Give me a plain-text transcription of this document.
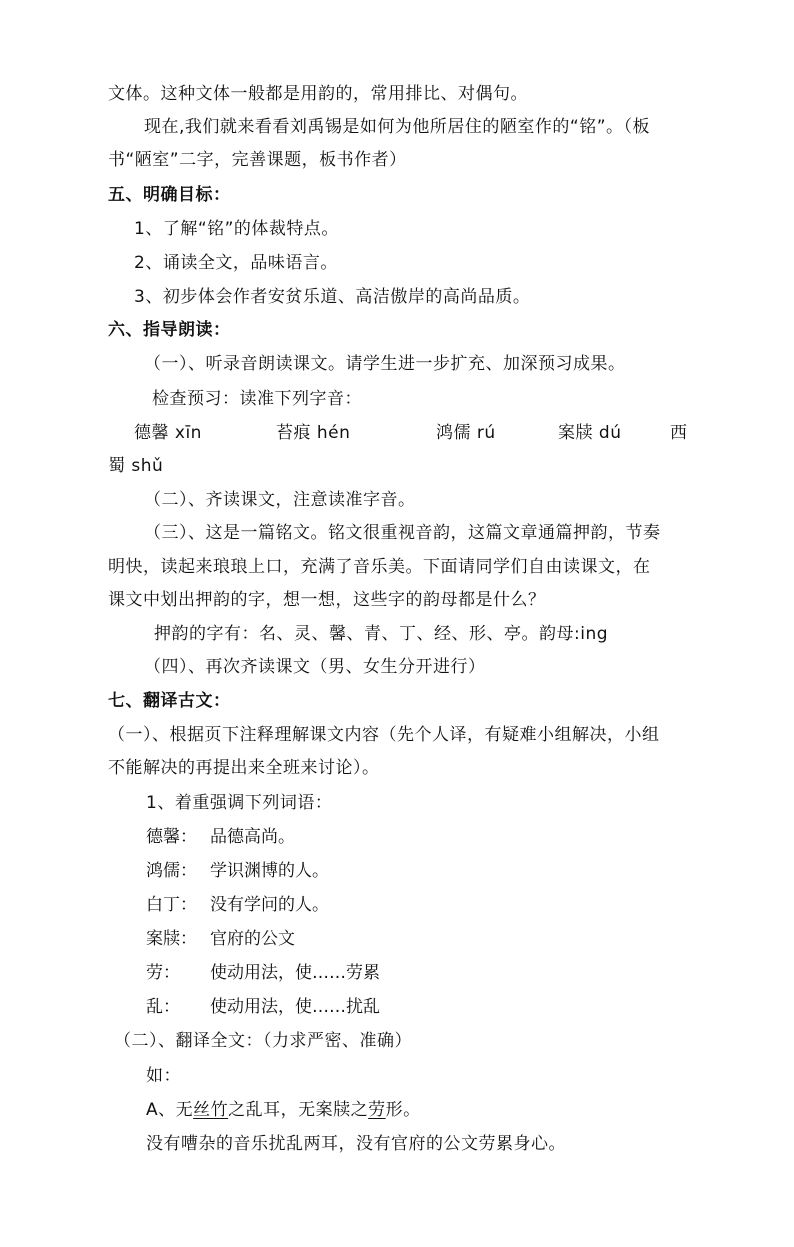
文体。这种文体一般都是用韵的，常用排比、对偶句。
现在,我们就来看看刘禹锡是如何为他所居住的陋室作的“铭”。（板
书“陋室”二字，完善课题，板书作者）
五、明确目标：
1、了解“铭”的体裁特点。
2、诵读全文，品味语言。
3、初步体会作者安贫乐道、高洁傲岸的高尚品质。
六、指导朗读：
（一）、听录音朗读课文。请学生进一步扩充、加深预习成果。
检查预习：读准下列字音：
德馨 xīn	苔痕 hén	鸿儒 rú	案牍 dú	西
蜀 shǔ
（二）、齐读课文，注意读准字音。
（三）、这是一篇铭文。铭文很重视音韵，这篇文章通篇押韵，节奏
明快，读起来琅琅上口，充满了音乐美。下面请同学们自由读课文，在
课文中划出押韵的字，想一想，这些字的韵母都是什么？
押韵的字有：名、灵、馨、青、丁、经、形、亭。韵母:ing
（四）、再次齐读课文（男、女生分开进行）
七、翻译古文：
（一）、根据页下注释理解课文内容（先个人译，有疑难小组解决，小组
不能解决的再提出来全班来讨论）。
1、着重强调下列词语：
德馨： 品德高尚。
鸿儒： 学识渊博的人。
白丁： 没有学问的人。
案牍： 官府的公文
劳： 使动用法，使……劳累
乱： 使动用法，使……扰乱
（二）、翻译全文：（力求严密、准确）
如：
A、无丝竹之乱耳，无案牍之劳形。
没有嘈杂的音乐扰乱两耳，没有官府的公文劳累身心。
